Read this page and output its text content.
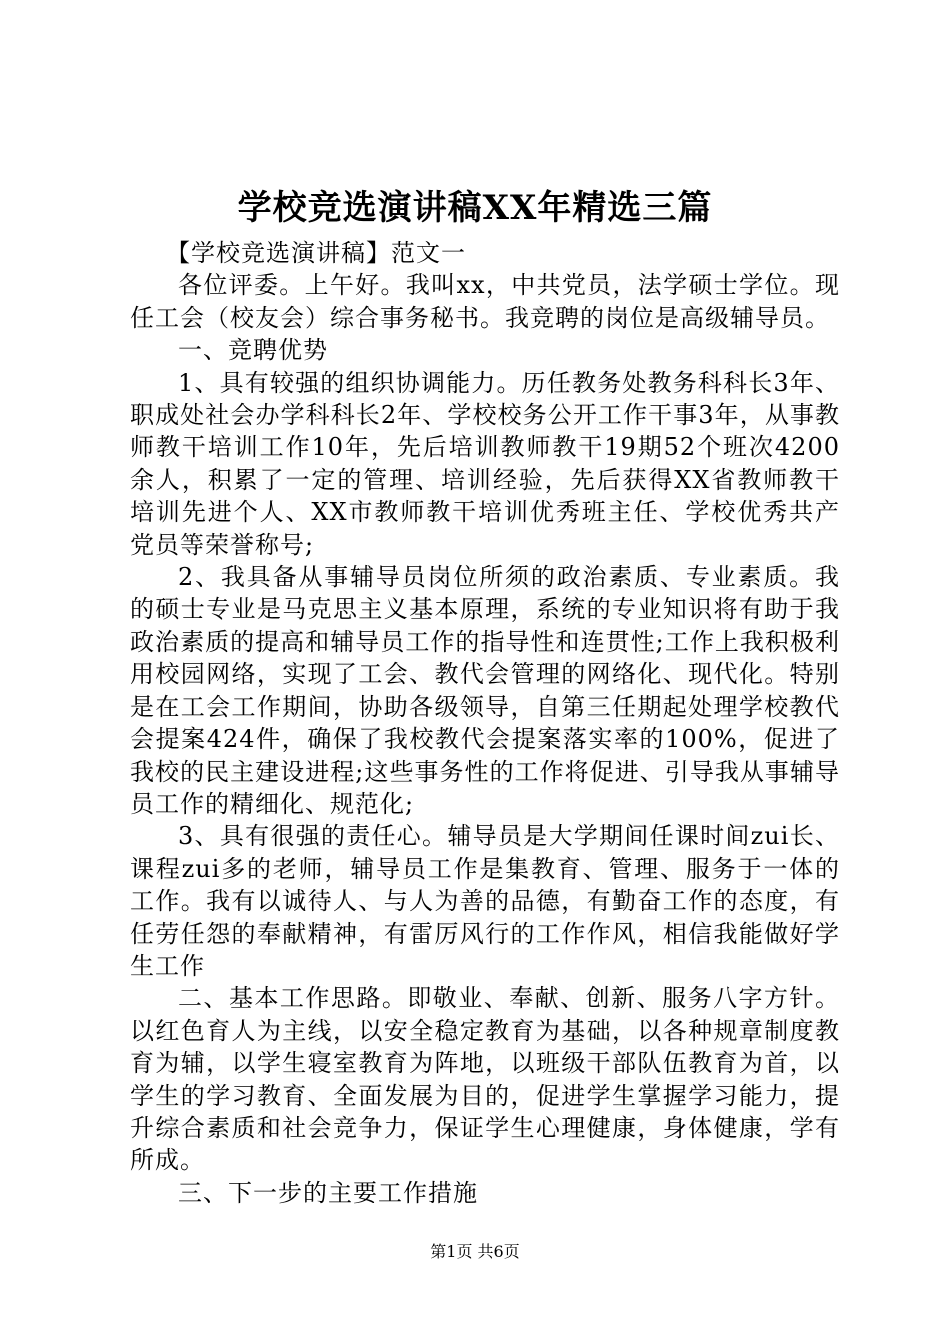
学校竞选演讲稿XX年精选三篇

【学校竞选演讲稿】范文一

各位评委。上午好。我叫xx，中共党员，法学硕士学位。现任工会（校友会）综合事务秘书。我竞聘的岗位是高级辅导员。

一、竞聘优势

1、具有较强的组织协调能力。历任教务处教务科科长3年、职成处社会办学科科长2年、学校校务公开工作干事3年，从事教师教干培训工作10年，先后培训教师教干19期52个班次4200余人，积累了一定的管理、培训经验，先后获得XX省教师教干培训先进个人、XX市教师教干培训优秀班主任、学校优秀共产党员等荣誉称号;

2、我具备从事辅导员岗位所须的政治素质、专业素质。我的硕士专业是马克思主义基本原理，系统的专业知识将有助于我政治素质的提高和辅导员工作的指导性和连贯性;工作上我积极利用校园网络，实现了工会、教代会管理的网络化、现代化。特别是在工会工作期间，协助各级领导，自第三任期起处理学校教代会提案424件，确保了我校教代会提案落实率的100%，促进了我校的民主建设进程;这些事务性的工作将促进、引导我从事辅导员工作的精细化、规范化;

3、具有很强的责任心。辅导员是大学期间任课时间zui长、课程zui多的老师，辅导员工作是集教育、管理、服务于一体的工作。我有以诚待人、与人为善的品德，有勤奋工作的态度，有任劳任怨的奉献精神，有雷厉风行的工作作风，相信我能做好学生工作

二、基本工作思路。即敬业、奉献、创新、服务八字方针。以红色育人为主线，以安全稳定教育为基础，以各种规章制度教育为辅，以学生寝室教育为阵地，以班级干部队伍教育为首，以学生的学习教育、全面发展为目的，促进学生掌握学习能力，提升综合素质和社会竞争力，保证学生心理健康，身体健康，学有所成。

三、下一步的主要工作措施

第1页 共6页
